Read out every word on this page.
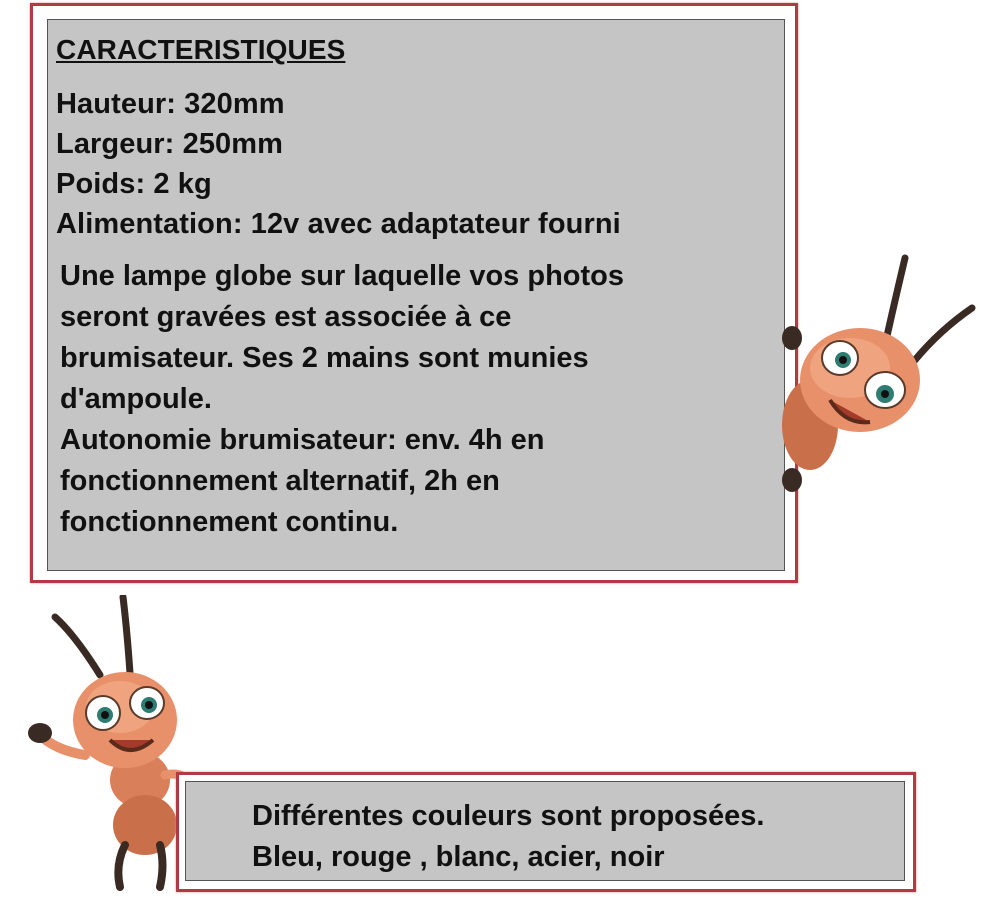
CARACTERISTIQUES
Hauteur: 320mm
Largeur: 250mm
Poids: 2 kg
Alimentation: 12v avec adaptateur fourni
Une lampe globe sur laquelle vos photos
seront gravées est associée à ce
brumisateur. Ses 2 mains sont munies
d'ampoule.
Autonomie brumisateur: env. 4h en
fonctionnement alternatif, 2h en
fonctionnement continu.
Différentes couleurs sont proposées.
Bleu, rouge , blanc, acier, noir
